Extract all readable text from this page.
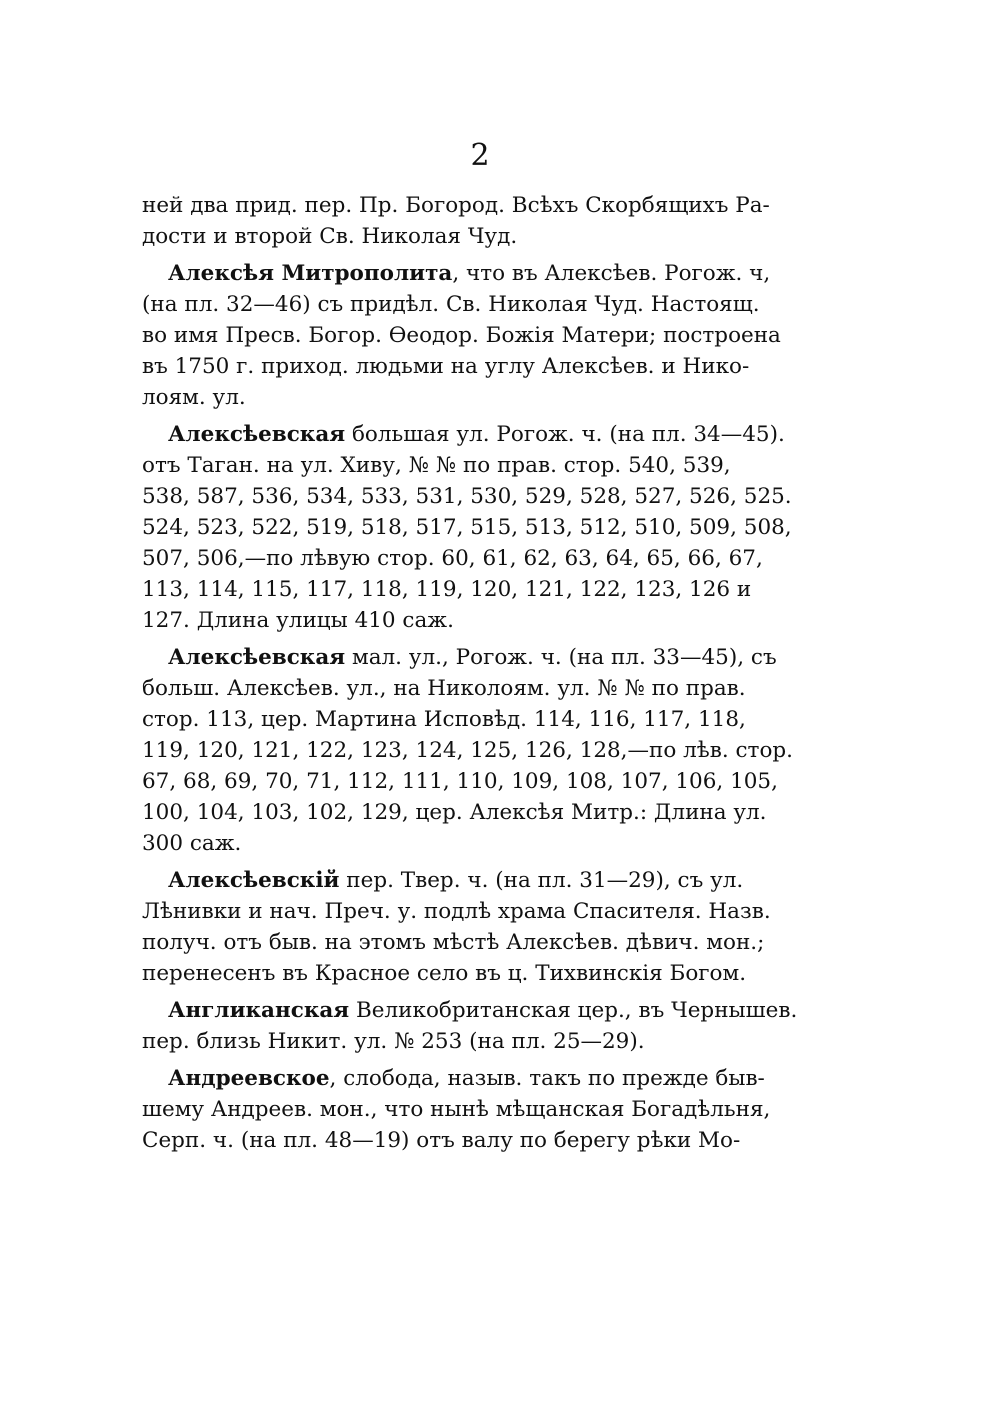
2
ней два прид. пер. Пр. Богород. Всѣхъ Скорбящихъ Ра-
дости и второй Св. Николая Чуд.
Алексѣя Митрополита, что въ Алексѣев. Рогож. ч,
(на пл. 32—46) съ придѣл. Св. Николая Чуд. Настоящ.
во имя Пресв. Богор. Ѳеодор. Божія Матери; построена
въ 1750 г. приход. людьми на углу Алексѣев. и Нико-
лоям. ул.
Алексѣевская большая ул. Рогож. ч. (на пл. 34—45).
отъ Таган. на ул. Хиву, № № по прав. стор. 540, 539,
538, 587, 536, 534, 533, 531, 530, 529, 528, 527, 526, 525.
524, 523, 522, 519, 518, 517, 515, 513, 512, 510, 509, 508,
507, 506,—по лѣвую стор. 60, 61, 62, 63, 64, 65, 66, 67,
113, 114, 115, 117, 118, 119, 120, 121, 122, 123, 126 и
127. Длина улицы 410 саж.
Алексѣевская мал. ул., Рогож. ч. (на пл. 33—45), съ
больш. Алексѣев. ул., на Николоям. ул. № № по прав.
стор. 113, цер. Мартина Исповѣд. 114, 116, 117, 118,
119, 120, 121, 122, 123, 124, 125, 126, 128,—по лѣв. стор.
67, 68, 69, 70, 71, 112, 111, 110, 109, 108, 107, 106, 105,
100, 104, 103, 102, 129, цер. Алексѣя Митр.: Длина ул.
300 саж.
Алексѣевскій пер. Твер. ч. (на пл. 31—29), съ ул.
Лѣнивки и нач. Преч. у. подлѣ храма Спасителя. Назв.
получ. отъ быв. на этомъ мѣстѣ Алексѣев. дѣвич. мон.;
перенесенъ въ Красное село въ ц. Тихвинскія Богом.
Англиканская Великобританская цер., въ Чернышев.
пер. близь Никит. ул. № 253 (на пл. 25—29).
Андреевское, слобода, назыв. такъ по прежде быв-
шему Андреев. мон., что нынѣ мѣщанская Богадѣльня,
Серп. ч. (на пл. 48—19) отъ валу по берегу рѣки Мо-
